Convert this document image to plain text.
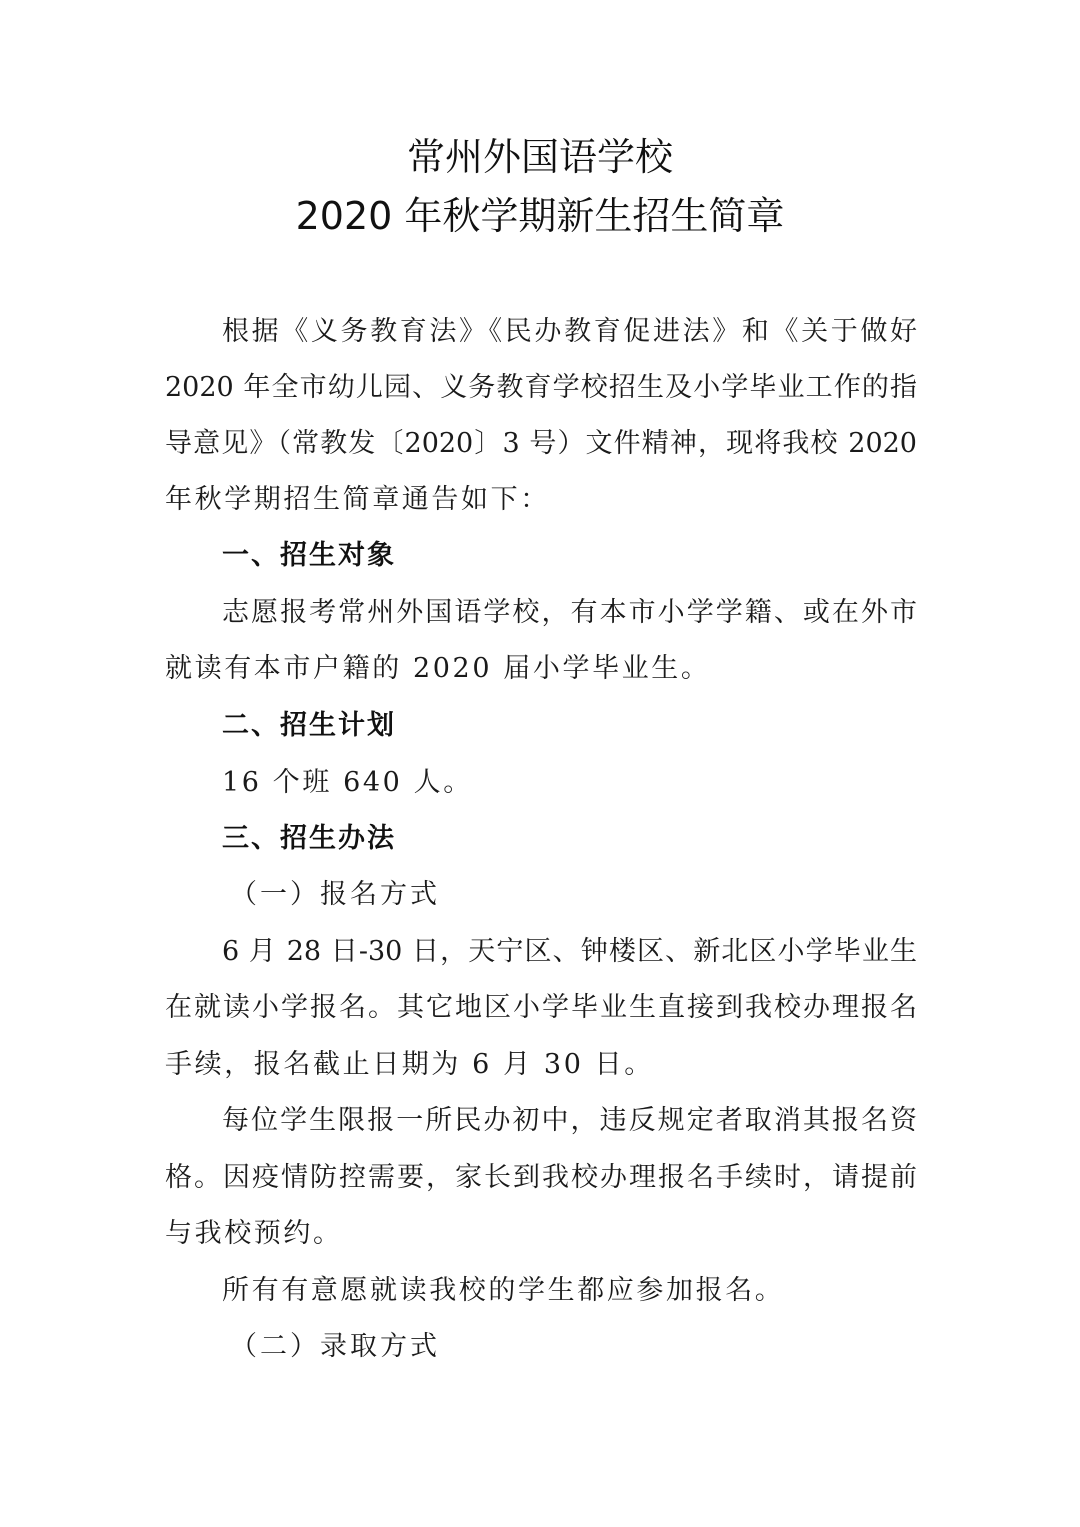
常州外国语学校
2020 年秋学期新生招生简章
根据《义务教育法》《民办教育促进法》和《关于做好
2020 年全市幼儿园、义务教育学校招生及小学毕业工作的指
导意见》（常教发〔2020〕3 号）文件精神，现将我校 2020
年秋学期招生简章通告如下：
一、招生对象
志愿报考常州外国语学校，有本市小学学籍、或在外市
就读有本市户籍的 2020 届小学毕业生。
二、招生计划
16 个班 640 人。
三、招生办法
（一）报名方式
6 月 28 日-30 日，天宁区、钟楼区、新北区小学毕业生
在就读小学报名。其它地区小学毕业生直接到我校办理报名
手续，报名截止日期为 6 月 30 日。
每位学生限报一所民办初中，违反规定者取消其报名资
格。因疫情防控需要，家长到我校办理报名手续时，请提前
与我校预约。
所有有意愿就读我校的学生都应参加报名。
（二）录取方式
